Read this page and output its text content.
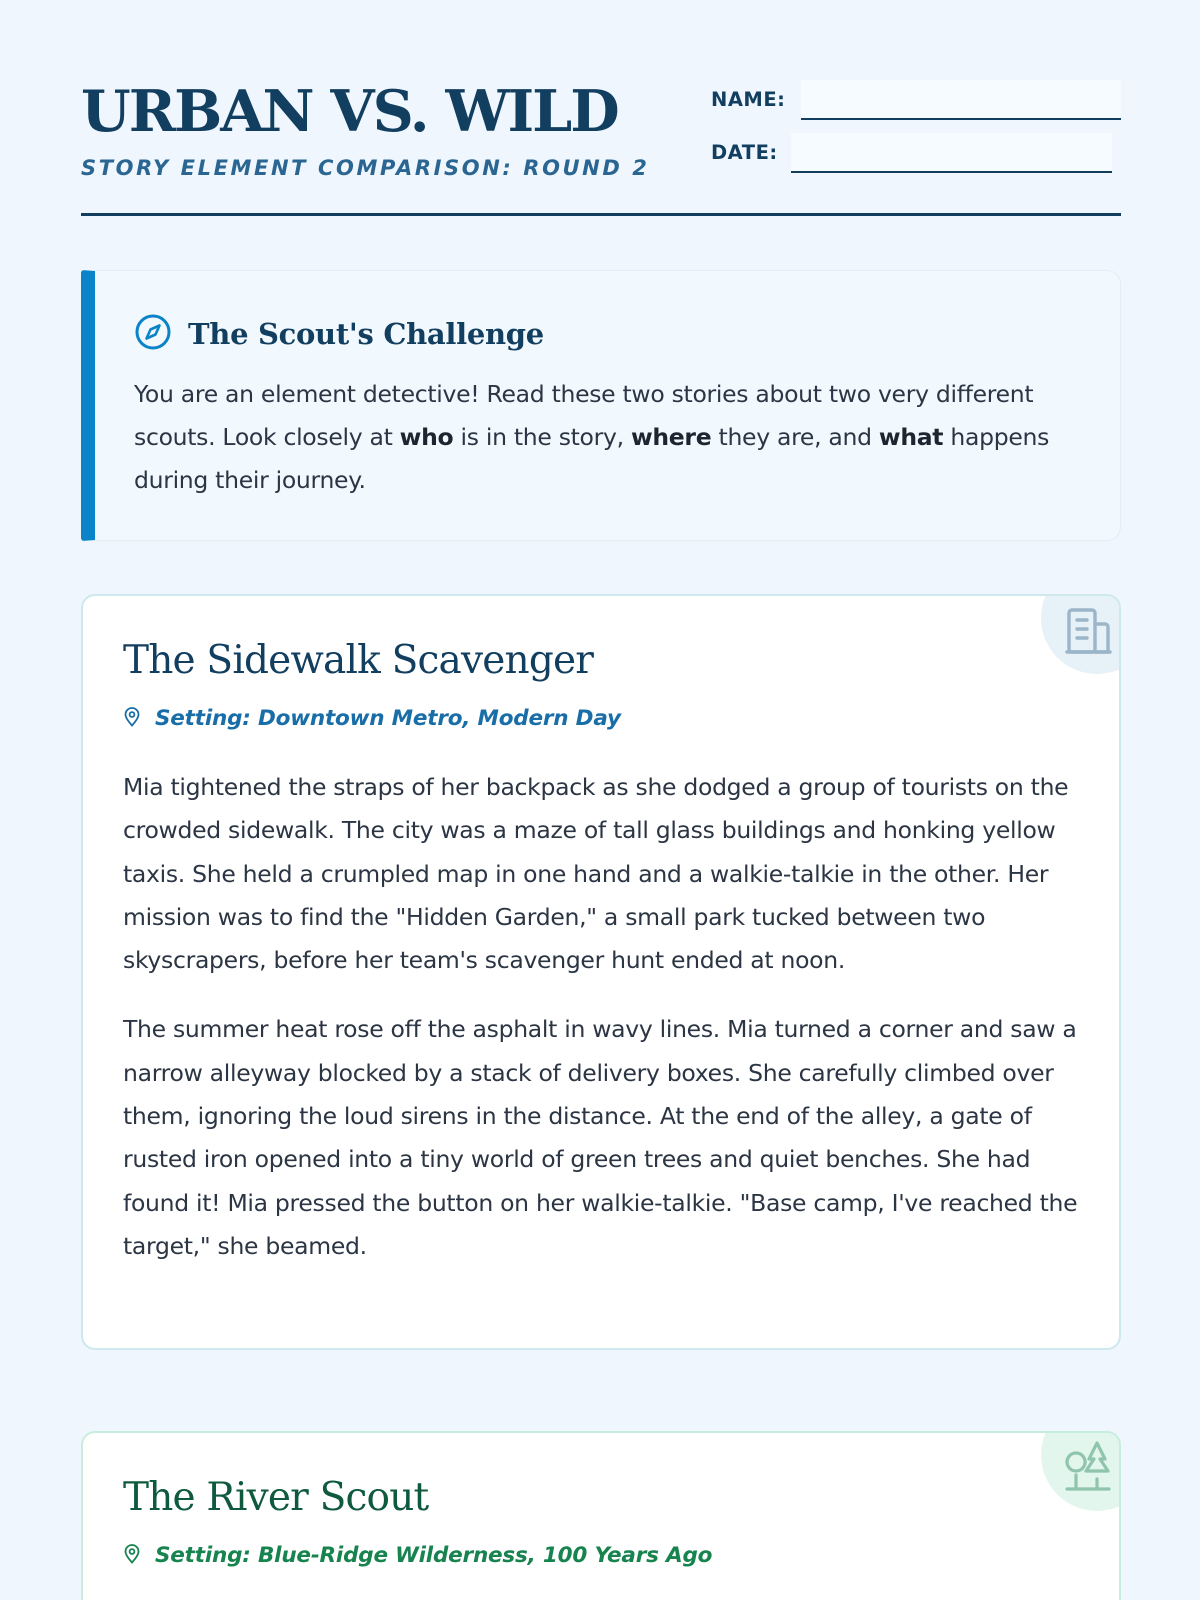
URBAN VS. WILD
STORY ELEMENT COMPARISON: ROUND 2
NAME:
DATE:
The Scout's Challenge
You are an element detective! Read these two stories about two very different scouts. Look closely at who is in the story, where they are, and what happens during their journey.
The Sidewalk Scavenger
Setting: Downtown Metro, Modern Day

Mia tightened the straps of her backpack as she dodged a group of tourists on the crowded sidewalk. The city was a maze of tall glass buildings and honking yellow taxis. She held a crumpled map in one hand and a walkie-talkie in the other. Her mission was to find the "Hidden Garden," a small park tucked between two skyscrapers, before her team's scavenger hunt ended at noon.

The summer heat rose off the asphalt in wavy lines. Mia turned a corner and saw a narrow alleyway blocked by a stack of delivery boxes. She carefully climbed over them, ignoring the loud sirens in the distance. At the end of the alley, a gate of rusted iron opened into a tiny world of green trees and quiet benches. She had found it! Mia pressed the button on her walkie-talkie. "Base camp, I've reached the target," she beamed.

The River Scout
Setting: Blue-Ridge Wilderness, 100 Years Ago
